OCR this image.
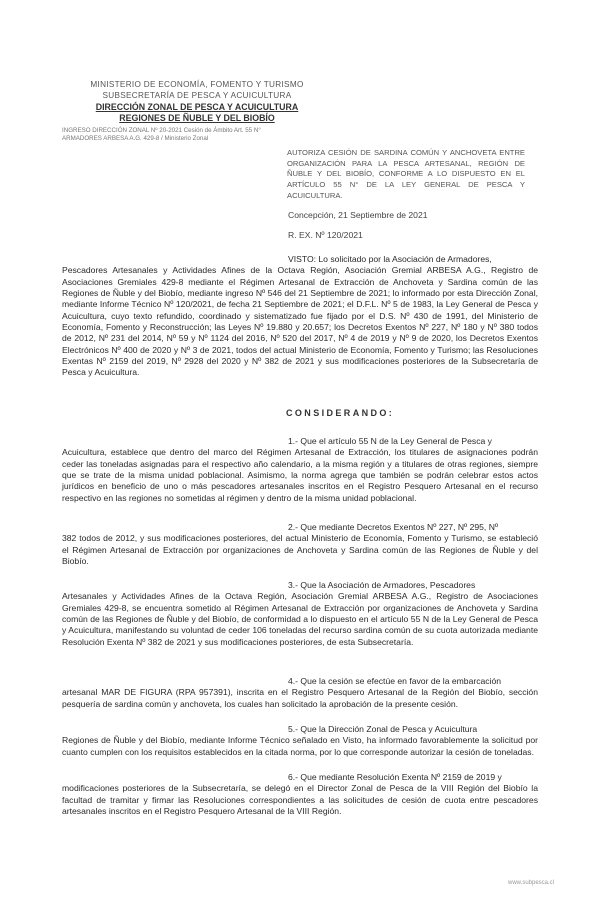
MINISTERIO DE ECONOMÍA, FOMENTO Y TURISMO
SUBSECRETARÍA DE PESCA Y ACUICULTURA
DIRECCIÓN ZONAL DE PESCA Y ACUICULTURA
REGIONES DE ÑUBLE Y DEL BIOBÍO
INGRESO DIRECCIÓN ZONAL Nº 20-2021 Cesión de Ámbito Art. 55 N°
ARMADORES ARBESA A.G. 429-8 / Ministerio Zonal
AUTORIZA CESIÓN DE SARDINA COMÚN Y ANCHOVETA ENTRE ORGANIZACIÓN PARA LA PESCA ARTESANAL, REGIÓN DE ÑUBLE Y DEL BIOBÍO, CONFORME A LO DISPUESTO EN EL ARTÍCULO 55 N° DE LA LEY GENERAL DE PESCA Y ACUICULTURA.
Concepción, 21 Septiembre de 2021
R. EX. Nº 120/2021
VISTO: Lo solicitado por la Asociación de Armadores,
Pescadores Artesanales y Actividades Afines de la Octava Región, Asociación Gremial ARBESA A.G., Registro de Asociaciones Gremiales 429-8 mediante el Régimen Artesanal de Extracción de Anchoveta y Sardina común de las Regiones de Ñuble y del Biobío, mediante ingreso Nº 546 del 21 Septiembre de 2021; lo informado por esta Dirección Zonal, mediante Informe Técnico Nº 120/2021, de fecha 21 Septiembre de 2021; el D.F.L. Nº 5 de 1983, la Ley General de Pesca y Acuicultura, cuyo texto refundido, coordinado y sistematizado fue fijado por el D.S. Nº 430 de 1991, del Ministerio de Economía, Fomento y Reconstrucción; las Leyes Nº 19.880 y 20.657; los Decretos Exentos Nº 227, Nº 180 y Nº 380 todos de 2012, Nº 231 del 2014, Nº 59 y Nº 1124 del 2016, Nº 520 del 2017, Nº 4 de 2019 y Nº 9 de 2020, los Decretos Exentos Electrónicos Nº 400 de 2020 y Nº 3 de 2021, todos del actual Ministerio de Economía, Fomento y Turismo; las Resoluciones Exentas Nº 2159 del 2019, Nº 2928 del 2020 y Nº 382 de 2021 y sus modificaciones posteriores de la Subsecretaría de Pesca y Acuicultura.
CONSIDERANDO:
1.- Que el artículo 55 N de la Ley General de Pesca y
Acuicultura, establece que dentro del marco del Régimen Artesanal de Extracción, los titulares de asignaciones podrán ceder las toneladas asignadas para el respectivo año calendario, a la misma región y a titulares de otras regiones, siempre que se trate de la misma unidad poblacional. Asimismo, la norma agrega que también se podrán celebrar estos actos jurídicos en beneficio de uno o más pescadores artesanales inscritos en el Registro Pesquero Artesanal en el recurso respectivo en las regiones no sometidas al régimen y dentro de la misma unidad poblacional.
2.- Que mediante Decretos Exentos Nº 227, Nº 295, Nº
382 todos de 2012, y sus modificaciones posteriores, del actual Ministerio de Economía, Fomento y Turismo, se estableció el Régimen Artesanal de Extracción por organizaciones de Anchoveta y Sardina común de las Regiones de Ñuble y del Biobío.
3.- Que la Asociación de Armadores, Pescadores
Artesanales y Actividades Afines de la Octava Región, Asociación Gremial ARBESA A.G., Registro de Asociaciones Gremiales 429-8, se encuentra sometido al Régimen Artesanal de Extracción por organizaciones de Anchoveta y Sardina común de las Regiones de Ñuble y del Biobío, de conformidad a lo dispuesto en el artículo 55 N de la Ley General de Pesca y Acuicultura, manifestando su voluntad de ceder 106 toneladas del recurso sardina común de su cuota autorizada mediante Resolución Exenta Nº 382 de 2021 y sus modificaciones posteriores, de esta Subsecretaría.
4.- Que la cesión se efectúe en favor de la embarcación
artesanal MAR DE FIGURA (RPA 957391), inscrita en el Registro Pesquero Artesanal de la Región del Biobío, sección pesquería de sardina común y anchoveta, los cuales han solicitado la aprobación de la presente cesión.
5.- Que la Dirección Zonal de Pesca y Acuicultura
Regiones de Ñuble y del Biobío, mediante Informe Técnico señalado en Visto, ha informado favorablemente la solicitud por cuanto cumplen con los requisitos establecidos en la citada norma, por lo que corresponde autorizar la cesión de toneladas.
6.- Que mediante Resolución Exenta Nº 2159 de 2019 y
modificaciones posteriores de la Subsecretaría, se delegó en el Director Zonal de Pesca de la VIII Región del Biobío la facultad de tramitar y firmar las Resoluciones correspondientes a las solicitudes de cesión de cuota entre pescadores artesanales inscritos en el Registro Pesquero Artesanal de la VIII Región.
www.subpesca.cl
